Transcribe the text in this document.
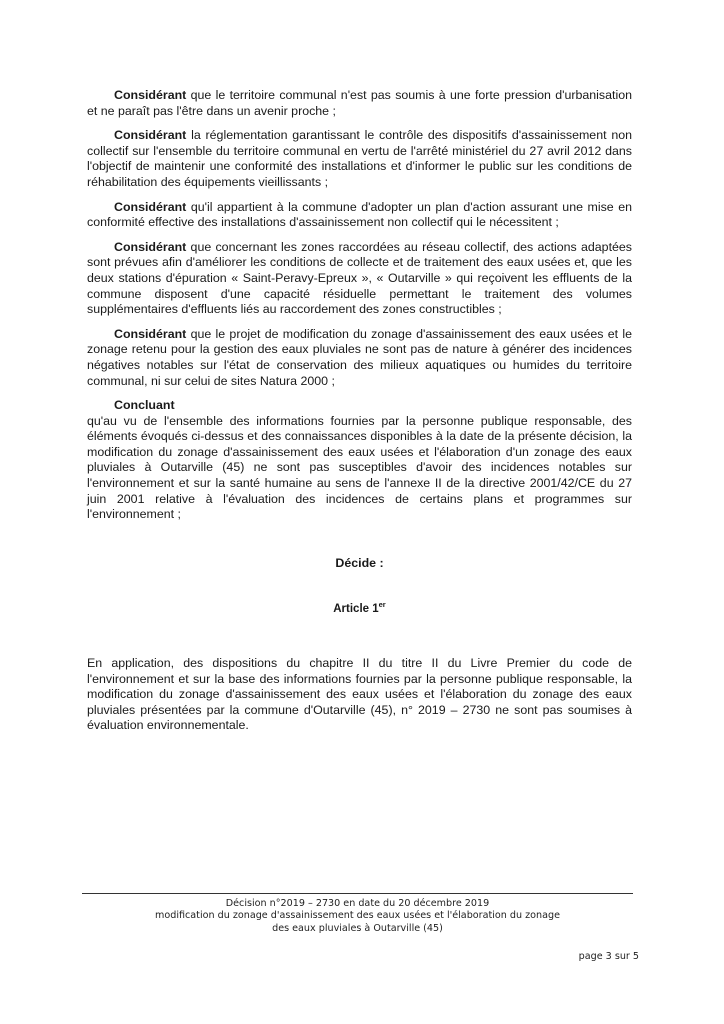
Considérant que le territoire communal n'est pas soumis à une forte pression d'urbanisation et ne paraît pas l'être dans un avenir proche ;

Considérant la réglementation garantissant le contrôle des dispositifs d'assainissement non collectif sur l'ensemble du territoire communal en vertu de l'arrêté ministériel du 27 avril 2012 dans l'objectif de maintenir une conformité des installations et d'informer le public sur les conditions de réhabilitation des équipements vieillissants ;

Considérant qu'il appartient à la commune d'adopter un plan d'action assurant une mise en conformité effective des installations d'assainissement non collectif qui le nécessitent ;

Considérant que concernant les zones raccordées au réseau collectif, des actions adaptées sont prévues afin d'améliorer les conditions de collecte et de traitement des eaux usées et, que les deux stations d'épuration « Saint-Peravy-Epreux », « Outarville » qui reçoivent les effluents de la commune disposent d'une capacité résiduelle permettant le traitement des volumes supplémentaires d'effluents liés au raccordement des zones constructibles ;

Considérant que le projet de modification du zonage d'assainissement des eaux usées et le zonage retenu pour la gestion des eaux pluviales ne sont pas de nature à générer des incidences négatives notables sur l'état de conservation des milieux aquatiques ou humides du territoire communal, ni sur celui de sites Natura 2000 ;

Concluant

qu'au vu de l'ensemble des informations fournies par la personne publique responsable, des éléments évoqués ci-dessus et des connaissances disponibles à la date de la présente décision, la modification du zonage d'assainissement des eaux usées et l'élaboration d'un zonage des eaux pluviales à Outarville (45) ne sont pas susceptibles d'avoir des incidences notables sur l'environnement et sur la santé humaine au sens de l'annexe II de la directive 2001/42/CE du 27 juin 2001 relative à l'évaluation des incidences de certains plans et programmes sur l'environnement ;

Décide :
Article 1er

En application, des dispositions du chapitre II du titre II du Livre Premier du code de l'environnement et sur la base des informations fournies par la personne publique responsable, la modification du zonage d'assainissement des eaux usées et l'élaboration du zonage des eaux pluviales présentées par la commune d'Outarville (45), n° 2019 – 2730 ne sont pas soumises à évaluation environnementale.

Décision n°2019 – 2730 en date du 20 décembre 2019
modification du zonage d'assainissement des eaux usées et l'élaboration du zonage
des eaux pluviales à Outarville (45)
page 3 sur 5
